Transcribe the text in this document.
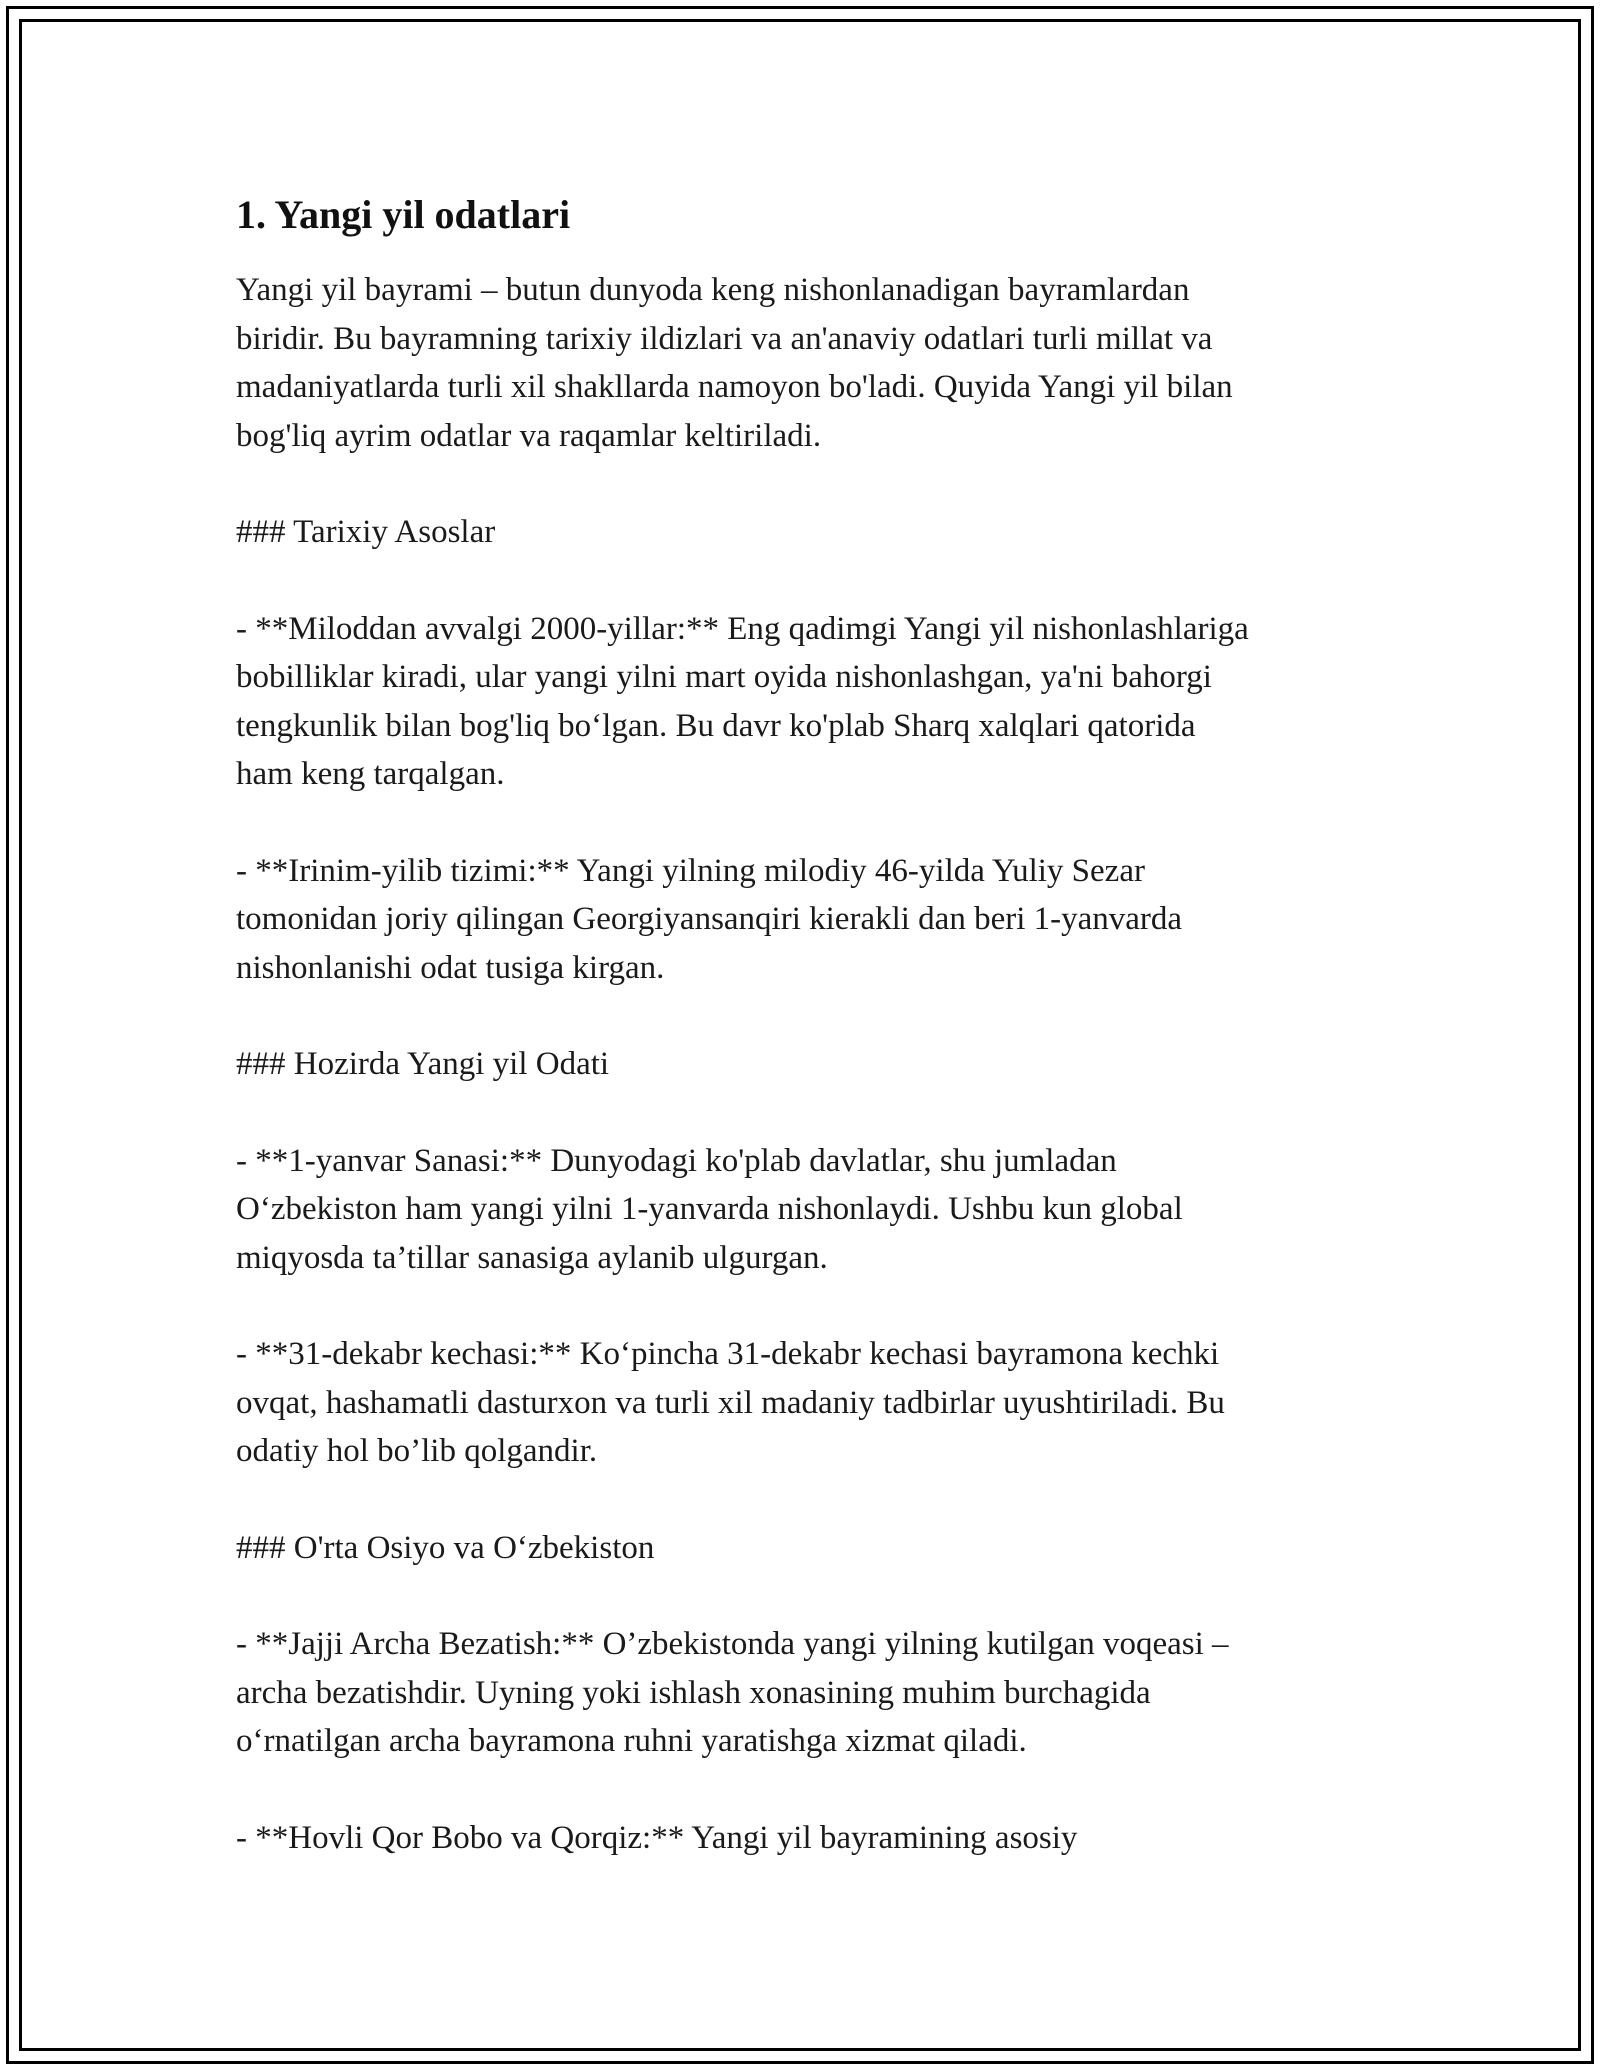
1. Yangi yil odatlari

Yangi yil bayrami – butun dunyoda keng nishonlanadigan bayramlardan
biridir. Bu bayramning tarixiy ildizlari va an'anaviy odatlari turli millat va
madaniyatlarda turli xil shakllarda namoyon bo'ladi. Quyida Yangi yil bilan
bog'liq ayrim odatlar va raqamlar keltiriladi.

### Tarixiy Asoslar

- **Miloddan avvalgi 2000-yillar:** Eng qadimgi Yangi yil nishonlashlariga
bobilliklar kiradi, ular yangi yilni mart oyida nishonlashgan, ya'ni bahorgi
tengkunlik bilan bog'liq bo‘lgan. Bu davr ko'plab Sharq xalqlari qatorida
ham keng tarqalgan.

- **Irinim-yilib tizimi:** Yangi yilning milodiy 46-yilda Yuliy Sezar
tomonidan joriy qilingan Georgiyansanqiri kierakli dan beri 1-yanvarda
nishonlanishi odat tusiga kirgan.

### Hozirda Yangi yil Odati

- **1-yanvar Sanasi:** Dunyodagi ko'plab davlatlar, shu jumladan
O‘zbekiston ham yangi yilni 1-yanvarda nishonlaydi. Ushbu kun global
miqyosda ta’tillar sanasiga aylanib ulgurgan.

- **31-dekabr kechasi:** Ko‘pincha 31-dekabr kechasi bayramona kechki
ovqat, hashamatli dasturxon va turli xil madaniy tadbirlar uyushtiriladi. Bu
odatiy hol bo’lib qolgandir.

### O'rta Osiyo va O‘zbekiston

- **Jajji Archa Bezatish:** O’zbekistonda yangi yilning kutilgan voqeasi –
archa bezatishdir. Uyning yoki ishlash xonasining muhim burchagida
o‘rnatilgan archa bayramona ruhni yaratishga xizmat qiladi.

- **Hovli Qor Bobo va Qorqiz:** Yangi yil bayramining asosiy
